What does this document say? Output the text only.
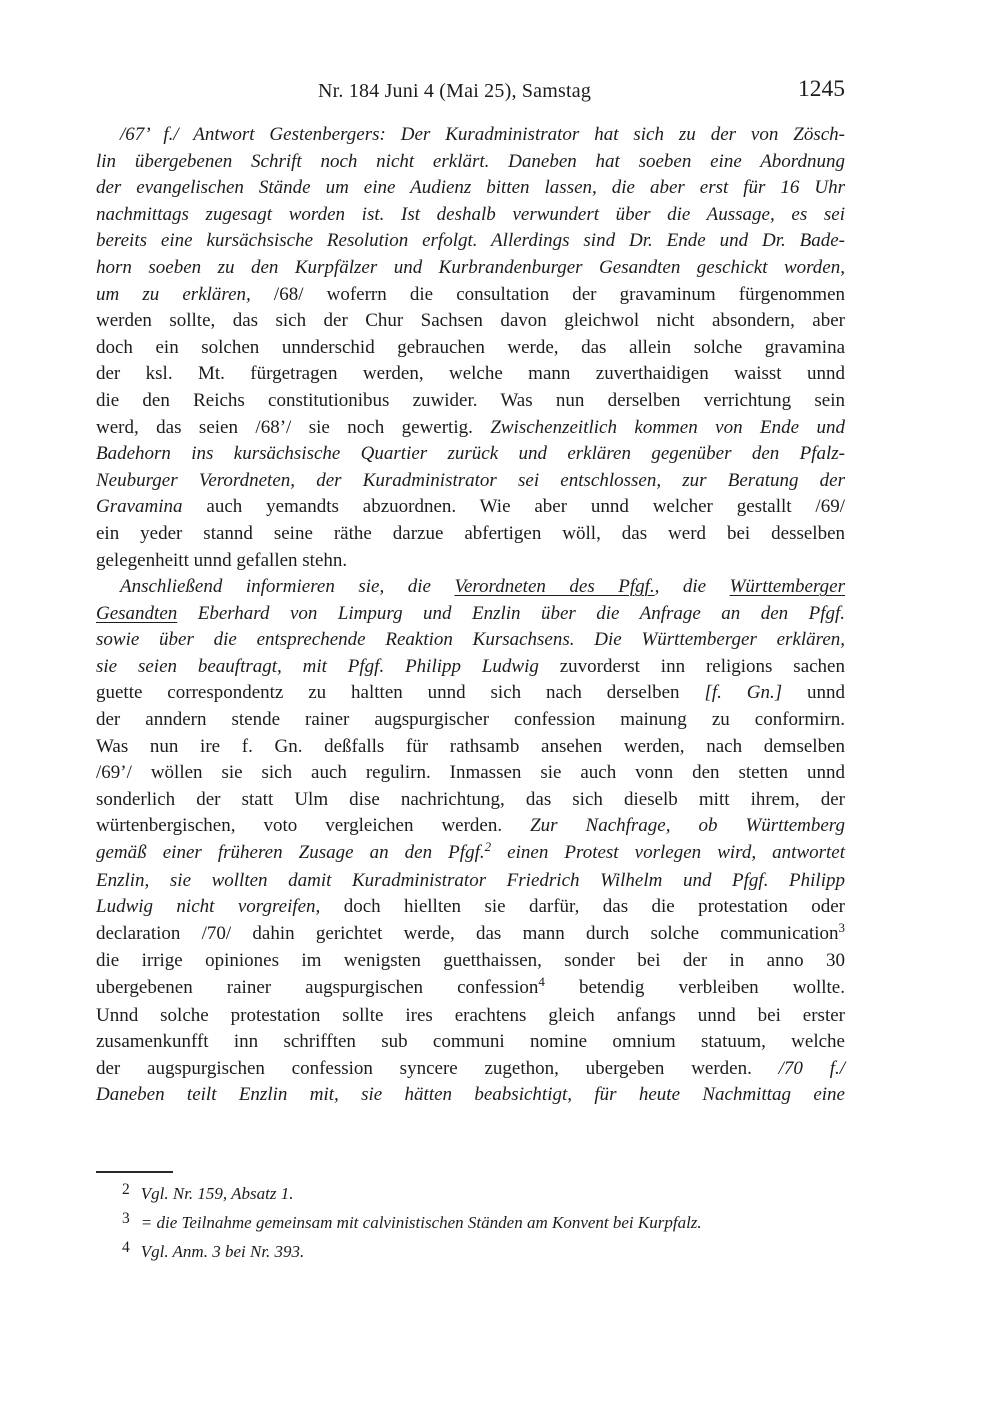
Nr. 184 Juni 4 (Mai 25), Samstag	1245
/67’ f./ Antwort Gestenbergers: Der Kuradministrator hat sich zu der von Zösch-
lin übergebenen Schrift noch nicht erklärt. Daneben hat soeben eine Abordnung
der evangelischen Stände um eine Audienz bitten lassen, die aber erst für 16 Uhr
nachmittags zugesagt worden ist. Ist deshalb verwundert über die Aussage, es sei
bereits eine kursächsische Resolution erfolgt. Allerdings sind Dr. Ende und Dr. Bade-
horn soeben zu den Kurpfälzer und Kurbrandenburger Gesandten geschickt worden,
um zu erklären, /68/ woferrn die consultation der gravaminum fürgenommen
werden sollte, das sich der Chur Sachsen davon gleichwol nicht absondern, aber
doch ein solchen unnderschid gebrauchen werde, das allein solche gravamina
der ksl. Mt. fürgetragen werden, welche mann zuverthaidigen waisst unnd
die den Reichs constitutionibus zuwider. Was nun derselben verrichtung sein
werd, das seien /68’/ sie noch gewertig. Zwischenzeitlich kommen von Ende und
Badehorn ins kursächsische Quartier zurück und erklären gegenüber den Pfalz-
Neuburger Verordneten, der Kuradministrator sei entschlossen, zur Beratung der
Gravamina auch yemandts abzuordnen. Wie aber unnd welcher gestallt /69/
ein yeder stannd seine räthe darzue abfertigen wöll, das werd bei desselben
gelegenheitt unnd gefallen stehn.
Anschließend informieren sie, die Verordneten des Pfgf., die Württemberger
Gesandten Eberhard von Limpurg und Enzlin über die Anfrage an den Pfgf.
sowie über die entsprechende Reaktion Kursachsens. Die Württemberger erklären,
sie seien beauftragt, mit Pfgf. Philipp Ludwig zuvorderst inn religions sachen
guette correspondentz zu haltten unnd sich nach derselben [f. Gn.] unnd
der anndern stende rainer augspurgischer confession mainung zu conformirn.
Was nun ire f. Gn. deßfalls für rathsamb ansehen werden, nach demselben
/69’/ wöllen sie sich auch regulirn. Inmassen sie auch vonn den stetten unnd
sonderlich der statt Ulm dise nachrichtung, das sich dieselb mitt ihrem, der
würtenbergischen, voto vergleichen werden. Zur Nachfrage, ob Württemberg
gemäß einer früheren Zusage an den Pfgf.$^2$ einen Protest vorlegen wird, antwortet
Enzlin, sie wollten damit Kuradministrator Friedrich Wilhelm und Pfgf. Philipp
Ludwig nicht vorgreifen, doch hiellten sie darfür, das die protestation oder
declaration /70/ dahin gerichtet werde, das mann durch solche communication$^3$
die irrige opiniones im wenigsten guetthaissen, sonder bei der in anno 30
ubergebenen rainer augspurgischen confession$^4$ betendig verbleiben wollte.
Unnd solche protestation sollte ires erachtens gleich anfangs unnd bei erster
zusamenkunfft inn schrifften sub communi nomine omnium statuum, welche
der augspurgischen confession syncere zugethon, ubergeben werden. /70 f./
Daneben teilt Enzlin mit, sie hätten beabsichtigt, für heute Nachmittag eine
2 Vgl. Nr. 159, Absatz 1.
3 = die Teilnahme gemeinsam mit calvinistischen Ständen am Konvent bei Kurpfalz.
4 Vgl. Anm. 3 bei Nr. 393.
